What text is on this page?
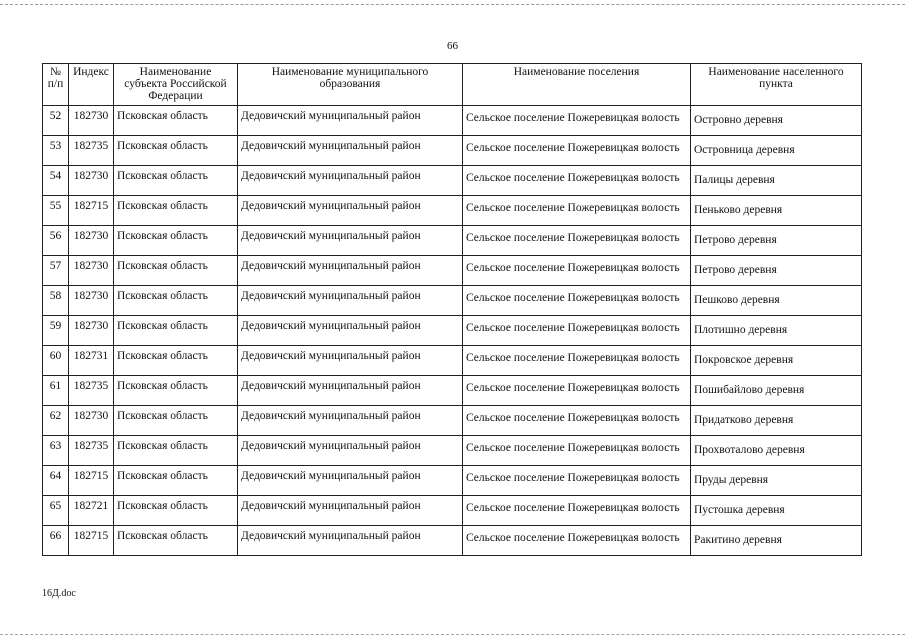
66
№ п/п	Индекс	Наименование субъекта Российской Федерации	Наименование муниципального образования	Наименование поселения	Наименование населенного пункта
52	182730	Псковская область	Дедовичский муниципальный район	Сельское поселение Пожеревицкая волость	Островно деревня
53	182735	Псковская область	Дедовичский муниципальный район	Сельское поселение Пожеревицкая волость	Островница деревня
54	182730	Псковская область	Дедовичский муниципальный район	Сельское поселение Пожеревицкая волость	Палицы деревня
55	182715	Псковская область	Дедовичский муниципальный район	Сельское поселение Пожеревицкая волость	Пеньково деревня
56	182730	Псковская область	Дедовичский муниципальный район	Сельское поселение Пожеревицкая волость	Петрово деревня
57	182730	Псковская область	Дедовичский муниципальный район	Сельское поселение Пожеревицкая волость	Петрово деревня
58	182730	Псковская область	Дедовичский муниципальный район	Сельское поселение Пожеревицкая волость	Пешково деревня
59	182730	Псковская область	Дедовичский муниципальный район	Сельское поселение Пожеревицкая волость	Плотишно деревня
60	182731	Псковская область	Дедовичский муниципальный район	Сельское поселение Пожеревицкая волость	Покровское деревня
61	182735	Псковская область	Дедовичский муниципальный район	Сельское поселение Пожеревицкая волость	Пошибайлово деревня
62	182730	Псковская область	Дедовичский муниципальный район	Сельское поселение Пожеревицкая волость	Придатково деревня
63	182735	Псковская область	Дедовичский муниципальный район	Сельское поселение Пожеревицкая волость	Прохвоталово деревня
64	182715	Псковская область	Дедовичский муниципальный район	Сельское поселение Пожеревицкая волость	Пруды деревня
65	182721	Псковская область	Дедовичский муниципальный район	Сельское поселение Пожеревицкая волость	Пустошка деревня
66	182715	Псковская область	Дедовичский муниципальный район	Сельское поселение Пожеревицкая волость	Ракитино деревня
16Д.doc
